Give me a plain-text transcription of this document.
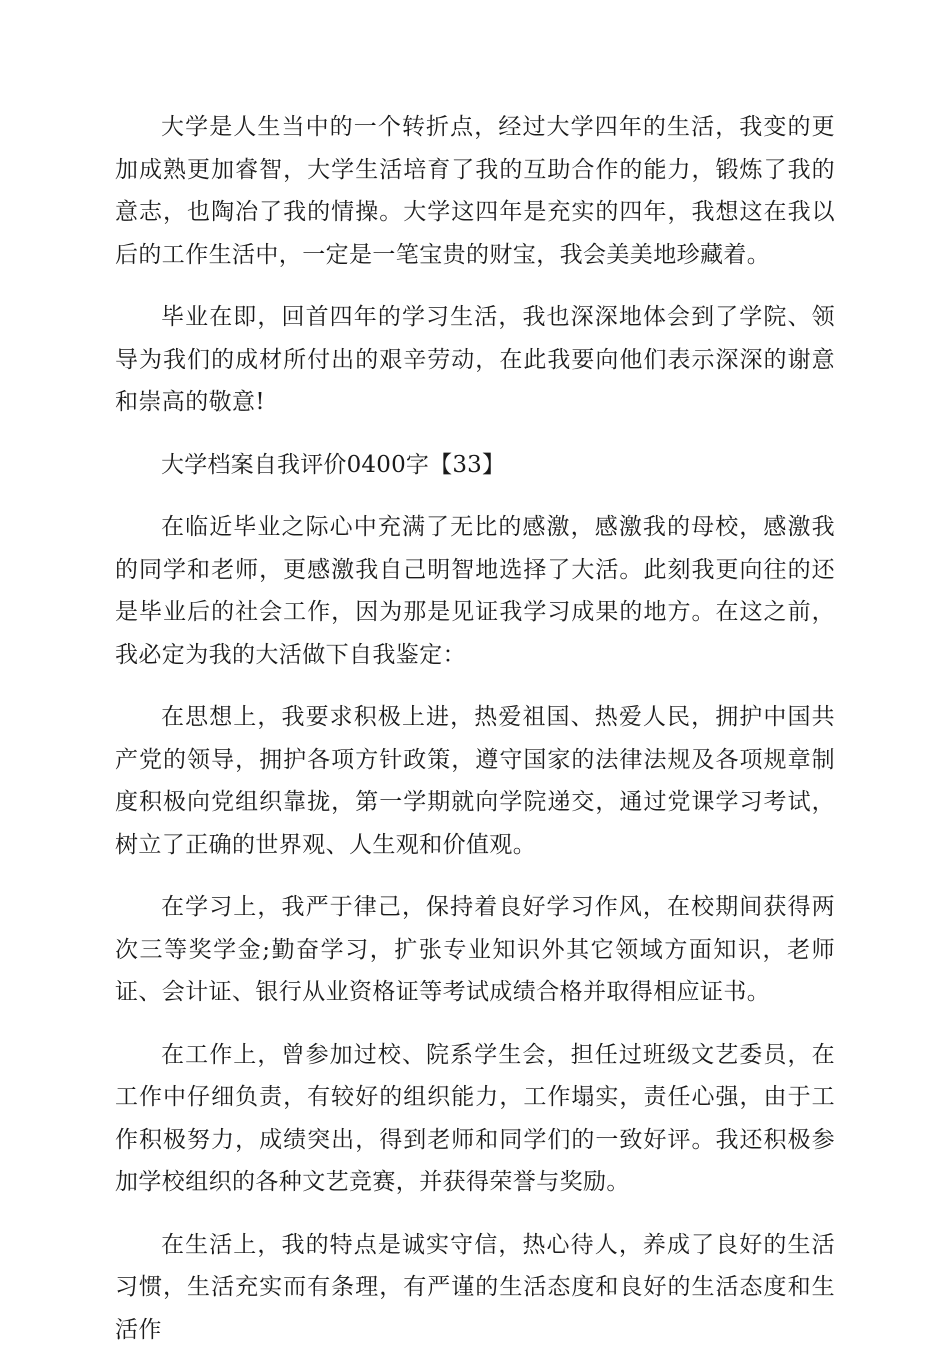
大学是人生当中的一个转折点，经过大学四年的生活，我变的更加成熟更加睿智，大学生活培育了我的互助合作的能力，锻炼了我的意志，也陶冶了我的情操。大学这四年是充实的四年，我想这在我以后的工作生活中，一定是一笔宝贵的财宝，我会美美地珍藏着。

毕业在即，回首四年的学习生活，我也深深地体会到了学院、领导为我们的成材所付出的艰辛劳动，在此我要向他们表示深深的谢意和崇高的敬意!

大学档案自我评价0400字【33】

在临近毕业之际心中充满了无比的感激，感激我的母校，感激我的同学和老师，更感激我自己明智地选择了大活。此刻我更向往的还是毕业后的社会工作，因为那是见证我学习成果的地方。在这之前，我必定为我的大活做下自我鉴定：

在思想上，我要求积极上进，热爱祖国、热爱人民，拥护中国共产党的领导，拥护各项方针政策，遵守国家的法律法规及各项规章制度积极向党组织靠拢，第一学期就向学院递交，通过党课学习考试，树立了正确的世界观、人生观和价值观。

在学习上，我严于律己，保持着良好学习作风，在校期间获得两次三等奖学金;勤奋学习，扩张专业知识外其它领域方面知识，老师证、会计证、银行从业资格证等考试成绩合格并取得相应证书。

在工作上，曾参加过校、院系学生会，担任过班级文艺委员，在工作中仔细负责，有较好的组织能力，工作塌实，责任心强，由于工作积极努力，成绩突出，得到老师和同学们的一致好评。我还积极参加学校组织的各种文艺竞赛，并获得荣誉与奖励。

在生活上，我的特点是诚实守信，热心待人，养成了良好的生活习惯，生活充实而有条理，有严谨的生活态度和良好的生活态度和生活作
